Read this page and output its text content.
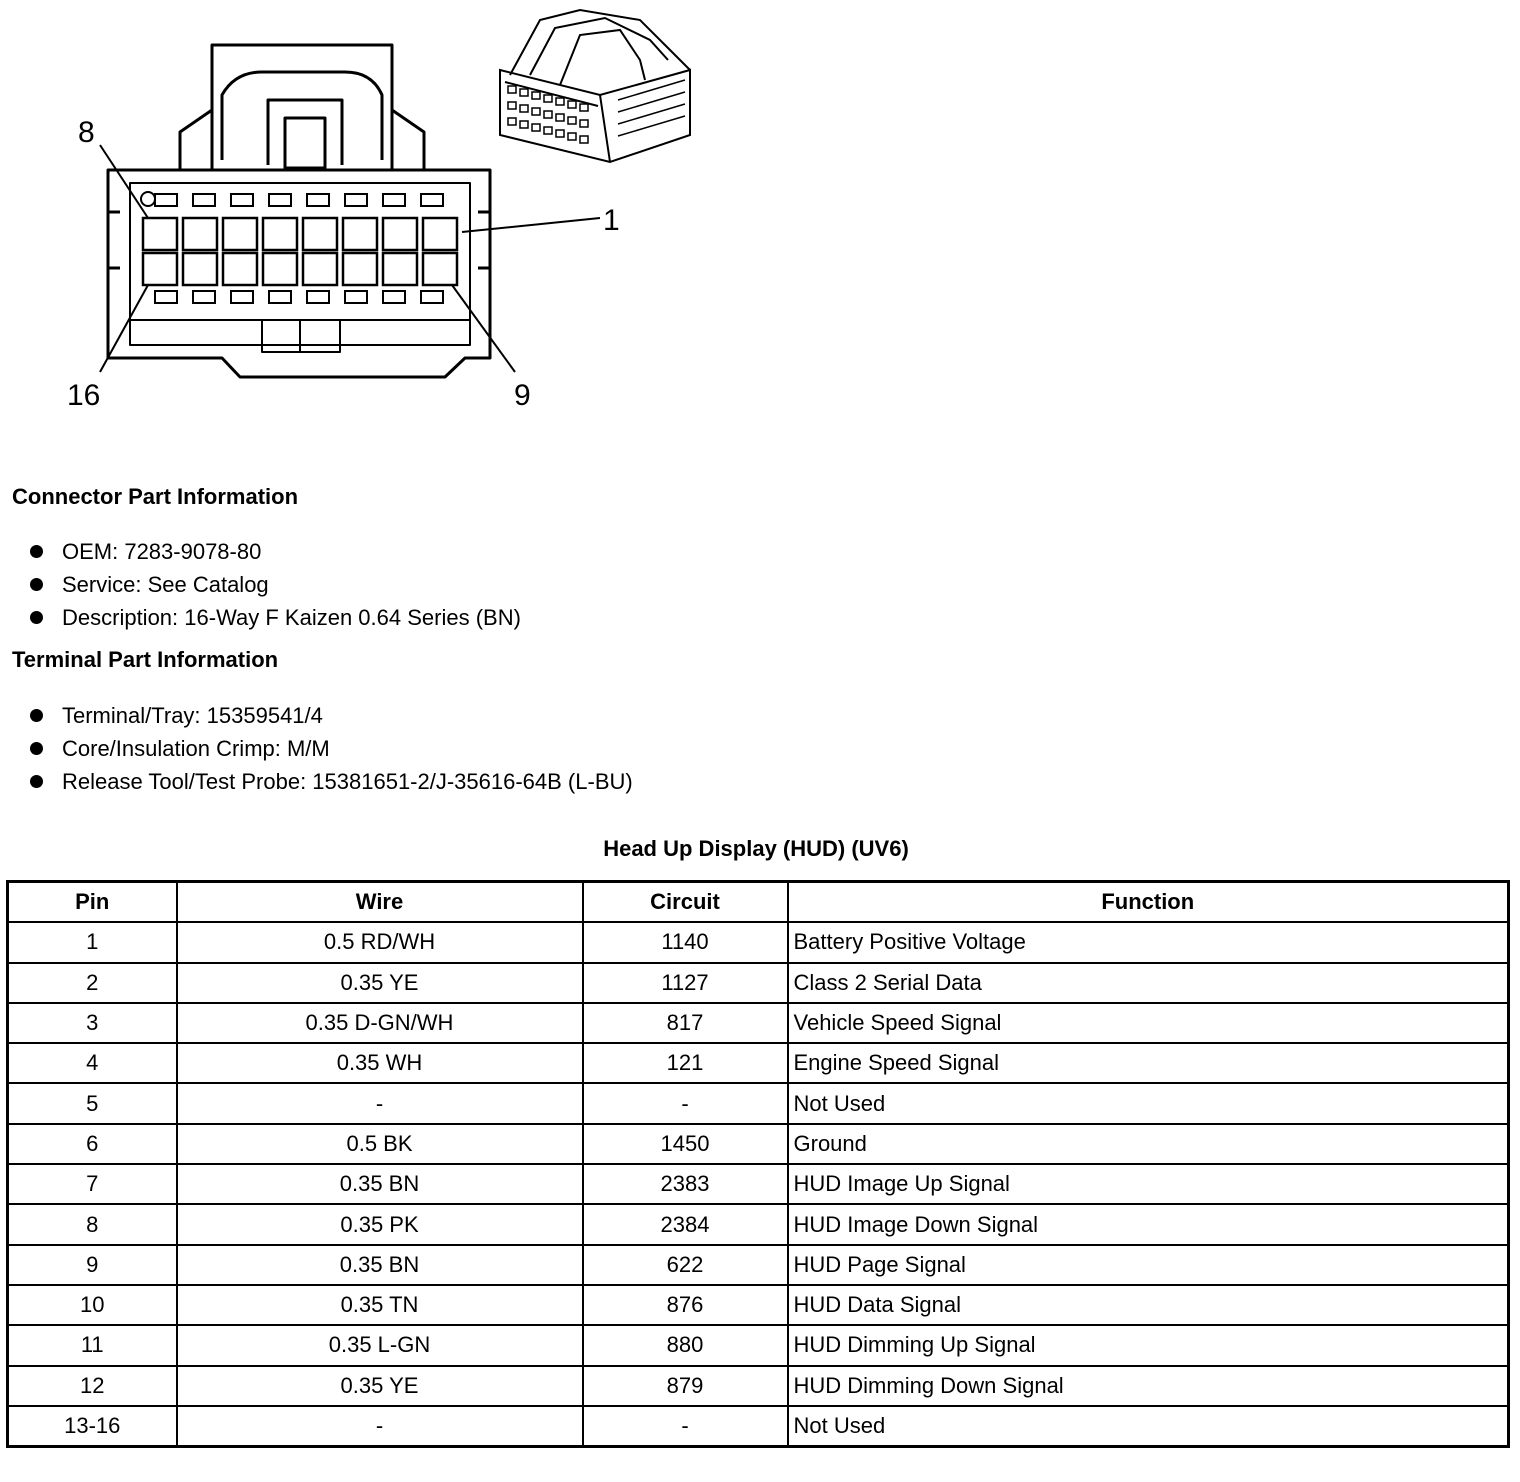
8
1
16	9
Connector Part Information
OEM: 7283-9078-80
Service: See Catalog
Description: 16-Way F Kaizen 0.64 Series (BN)
Terminal Part Information
Terminal/Tray: 15359541/4
Core/Insulation Crimp: M/M
Release Tool/Test Probe: 15381651-2/J-35616-64B (L-BU)
Head Up Display (HUD) (UV6)
Pin	Wire	Circuit	Function
1	0.5 RD/WH	1140	Battery Positive Voltage
2	0.35 YE	1127	Class 2 Serial Data
3	0.35 D-GN/WH	817	Vehicle Speed Signal
4	0.35 WH	121	Engine Speed Signal
5	-	-	Not Used
6	0.5 BK	1450	Ground
7	0.35 BN	2383	HUD Image Up Signal
8	0.35 PK	2384	HUD Image Down Signal
9	0.35 BN	622	HUD Page Signal
10	0.35 TN	876	HUD Data Signal
11	0.35 L-GN	880	HUD Dimming Up Signal
12	0.35 YE	879	HUD Dimming Down Signal
13-16	-	-	Not Used
